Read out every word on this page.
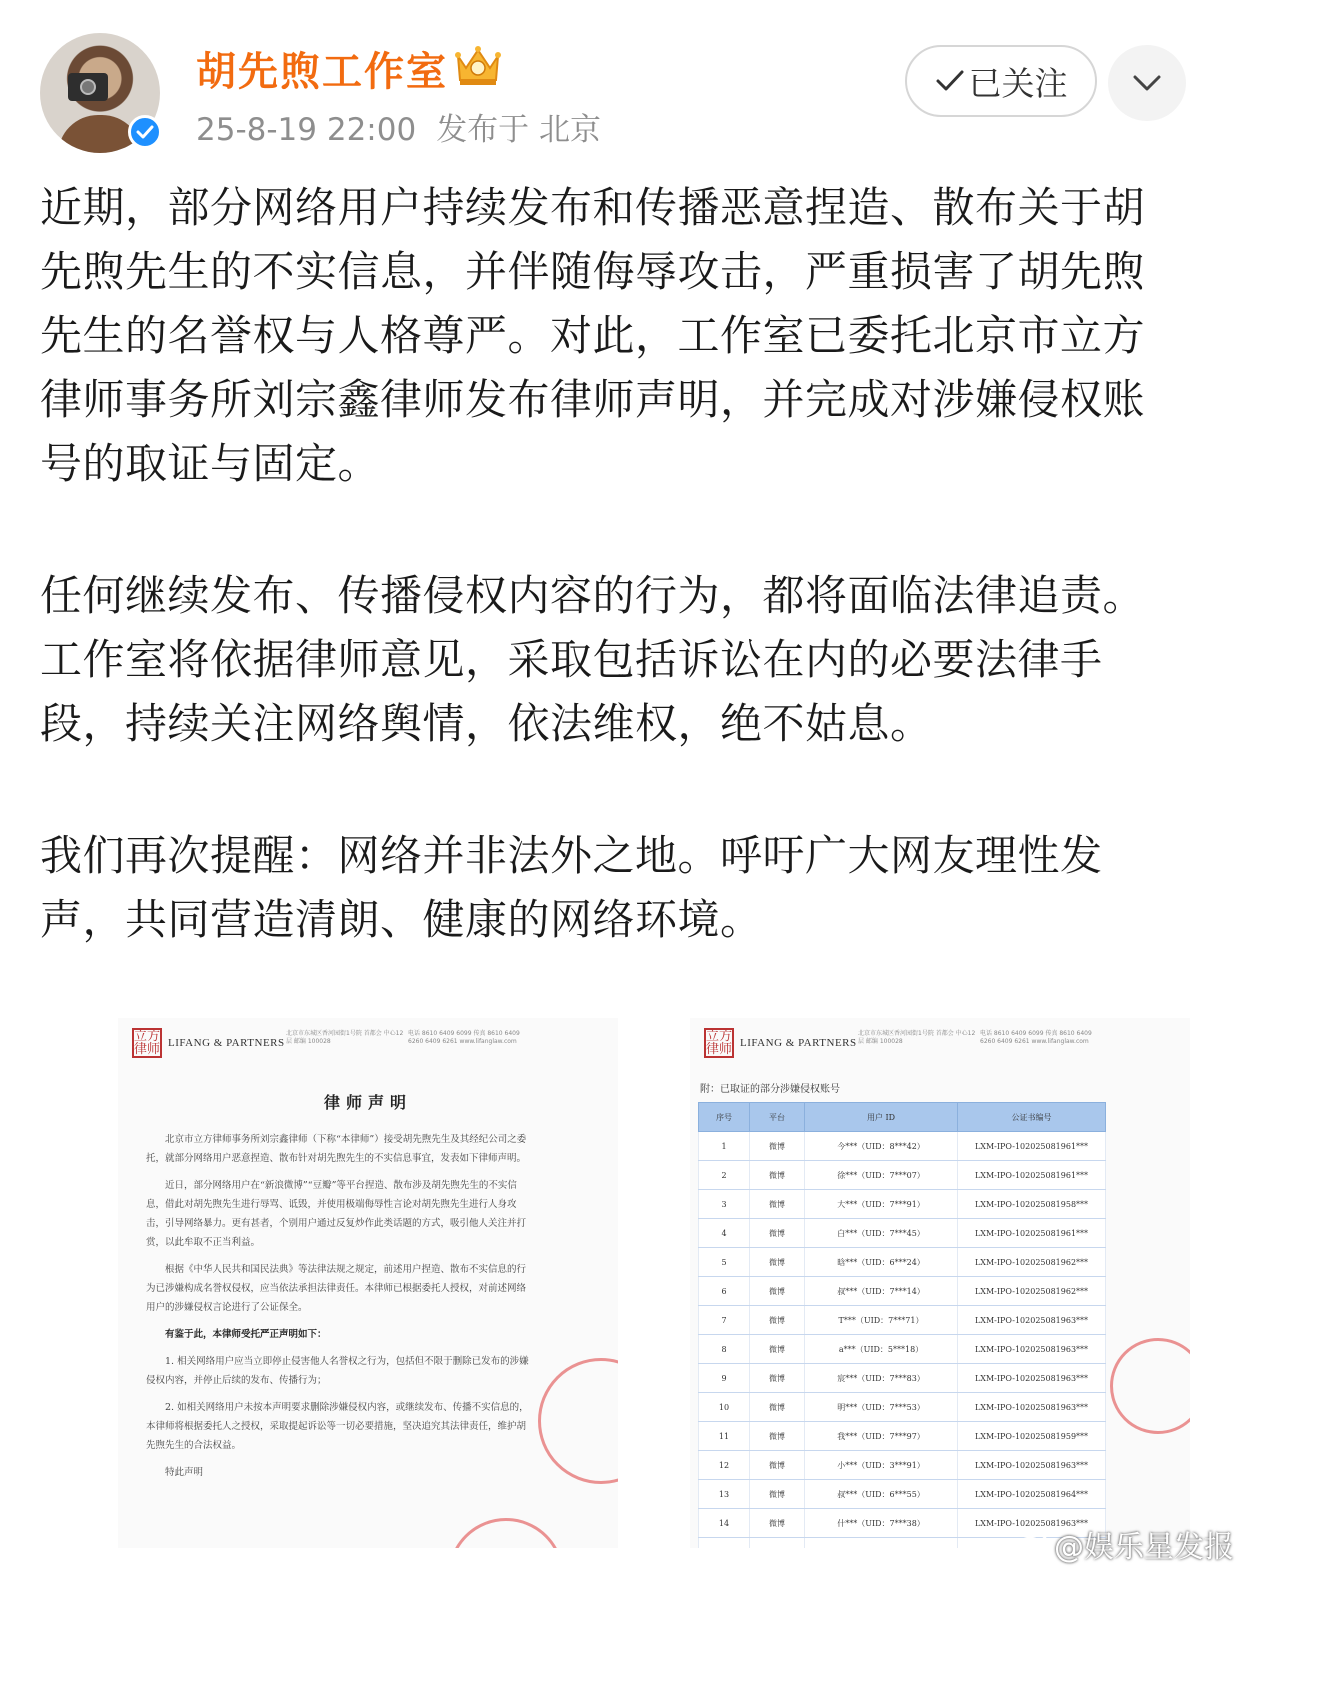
胡先煦工作室
25-8-19 22:00 发布于 北京
已关注

近期，部分网络用户持续发布和传播恶意捏造、散布关于胡先煦先生的不实信息，并伴随侮辱攻击，严重损害了胡先煦先生的名誉权与人格尊严。对此，工作室已委托北京市立方律师事务所刘宗鑫律师发布律师声明，并完成对涉嫌侵权账号的取证与固定。

任何继续发布、传播侵权内容的行为，都将面临法律追责。工作室将依据律师意见，采取包括诉讼在内的必要法律手段，持续关注网络舆情，依法维权，绝不姑息。

我们再次提醒：网络并非法外之地。呼吁广大网友理性发声，共同营造清朗、健康的网络环境。

立方律师 LIFANG & PARTNERS
北京市东城区香河园街1号院 首都会 中心12层 邮编 100028
电话 8610 6409 6099 传真 8610 6409 6260 6409 6261 www.lifanglaw.com
律师声明

北京市立方律师事务所刘宗鑫律师（下称“本律师”）接受胡先煦先生及其经纪公司之委托，就部分网络用户恶意捏造、散布针对胡先煦先生的不实信息事宜，发表如下律师声明。

近日，部分网络用户在“新浪微博”“豆瓣”等平台捏造、散布涉及胡先煦先生的不实信息，借此对胡先煦先生进行辱骂、诋毁，并使用极端侮辱性言论对胡先煦先生进行人身攻击，引导网络暴力。更有甚者，个别用户通过反复炒作此类话题的方式，吸引他人关注并打赏，以此牟取不正当利益。

根据《中华人民共和国民法典》等法律法规之规定，前述用户捏造、散布不实信息的行为已涉嫌构成名誉权侵权，应当依法承担法律责任。本律师已根据委托人授权，对前述网络用户的涉嫌侵权言论进行了公证保全。

有鉴于此，本律师受托严正声明如下：

1. 相关网络用户应当立即停止侵害他人名誉权之行为，包括但不限于删除已发布的涉嫌侵权内容，并停止后续的发布、传播行为；

2. 如相关网络用户未按本声明要求删除涉嫌侵权内容，或继续发布、传播不实信息的，本律师将根据委托人之授权，采取提起诉讼等一切必要措施，坚决追究其法律责任，维护胡先煦先生的合法权益。

特此声明

立方律师 LIFANG & PARTNERS
北京市东城区香河园街1号院 首都会 中心12层 邮编 100028
电话 8610 6409 6099 传真 8610 6409 6260 6409 6261 www.lifanglaw.com
附：已取证的部分涉嫌侵权账号
序号	平台	用户 ID	公证书编号
1	微博	今***（UID：8***42）	LXM-IPO-102025081961***
2	微博	徐***（UID：7***07）	LXM-IPO-102025081961***
3	微博	大***（UID：7***91）	LXM-IPO-102025081958***
4	微博	白***（UID：7***45）	LXM-IPO-102025081961***
5	微博	晗***（UID：6***24）	LXM-IPO-102025081962***
6	微博	叔***（UID：7***14）	LXM-IPO-102025081962***
7	微博	T***（UID：7***71）	LXM-IPO-102025081963***
8	微博	a***（UID：5***18）	LXM-IPO-102025081963***
9	微博	宸***（UID：7***83）	LXM-IPO-102025081963***
10	微博	明***（UID：7***53）	LXM-IPO-102025081963***
11	微博	我***（UID：7***97）	LXM-IPO-102025081959***
12	微博	小***（UID：3***91）	LXM-IPO-102025081963***
13	微博	叔***（UID：6***55）	LXM-IPO-102025081964***
14	微博	什***（UID：7***38）	LXM-IPO-102025081963***

@娱乐星发报
